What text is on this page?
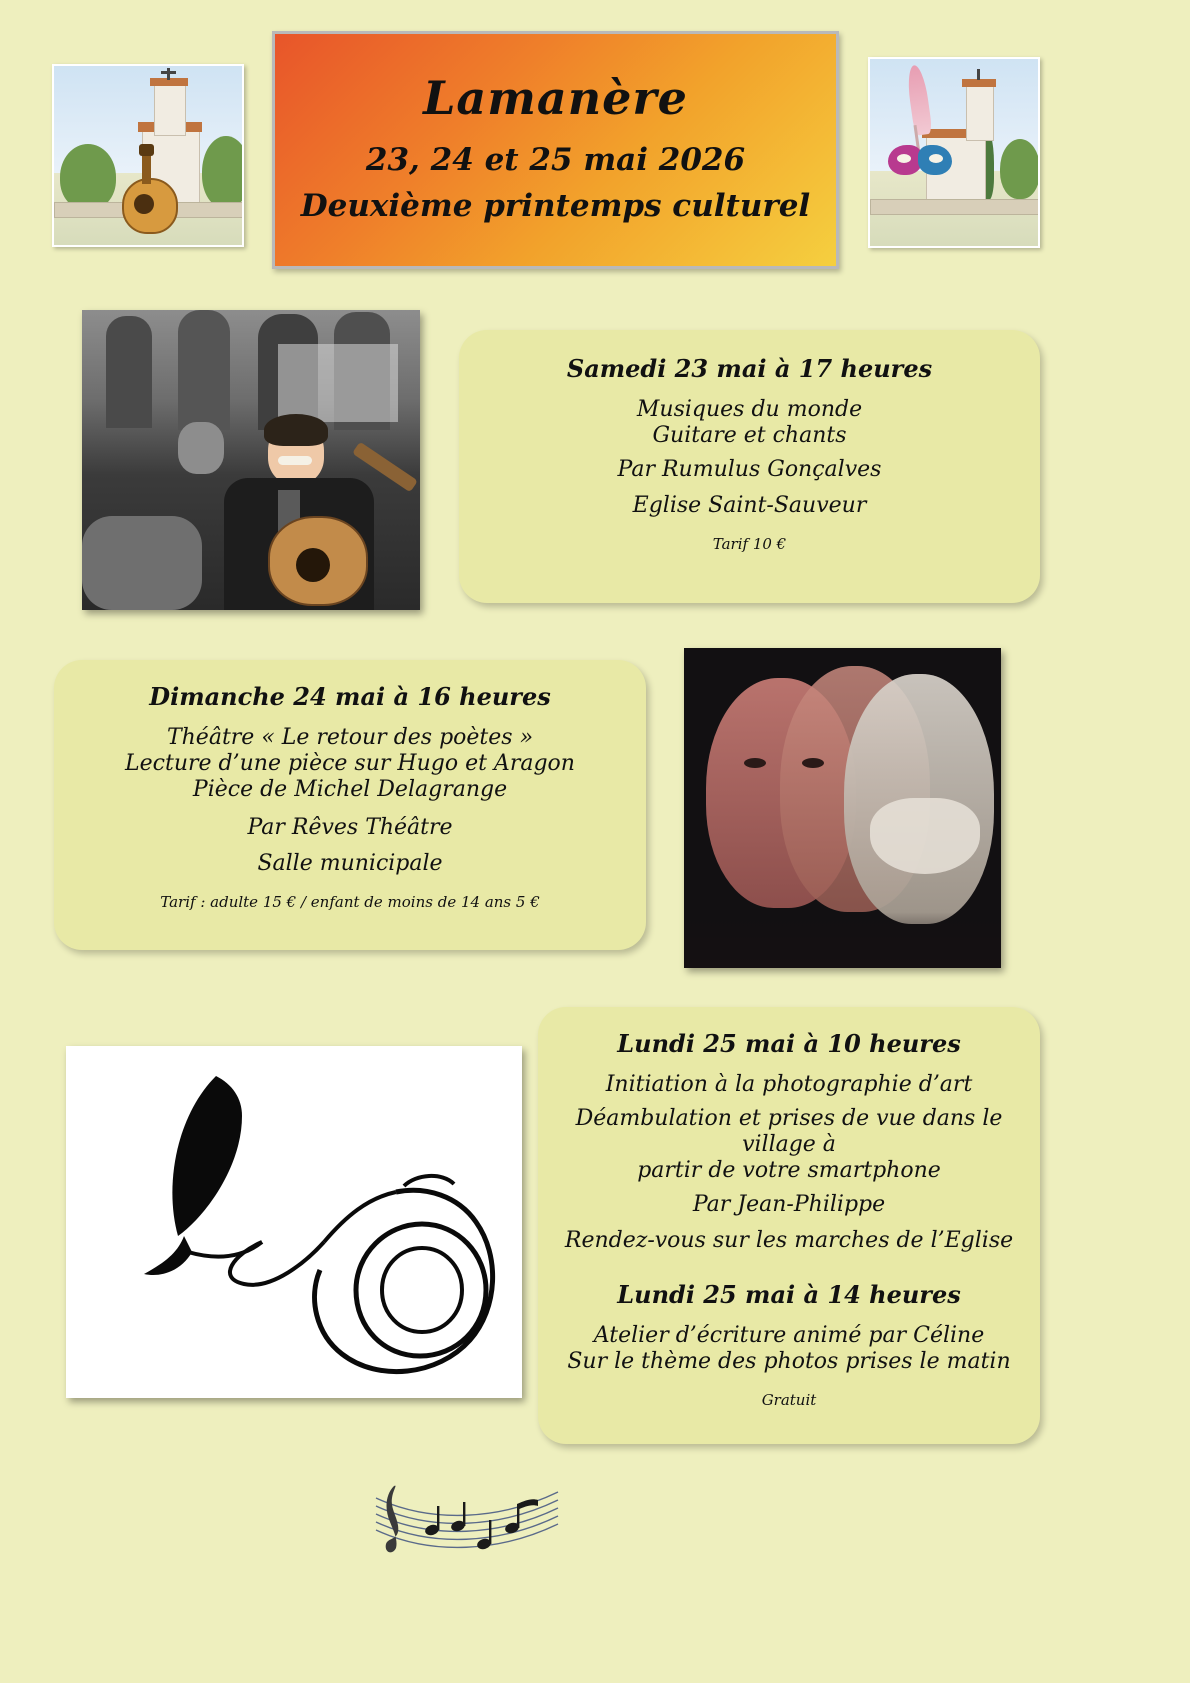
Lamanère
23, 24 et 25 mai 2026
Deuxième printemps culturel
Samedi 23 mai à 17 heures
Musiques du monde
Guitare et chants
Par Rumulus Gonçalves
Eglise Saint-Sauveur
Tarif 10 €
Dimanche 24 mai à 16 heures
Théâtre « Le retour des poètes »
Lecture d’une pièce sur Hugo et Aragon
Pièce de Michel Delagrange
Par Rêves Théâtre
Salle municipale
Tarif : adulte 15 € / enfant de moins de 14 ans 5 €
Lundi 25 mai à 10 heures
Initiation à la photographie d’art
Déambulation et prises de vue dans le village à
partir de votre smartphone
Par Jean-Philippe
Rendez-vous sur les marches de l’Eglise
Lundi 25 mai à 14 heures
Atelier d’écriture animé par Céline
Sur le thème des photos prises le matin
Gratuit
